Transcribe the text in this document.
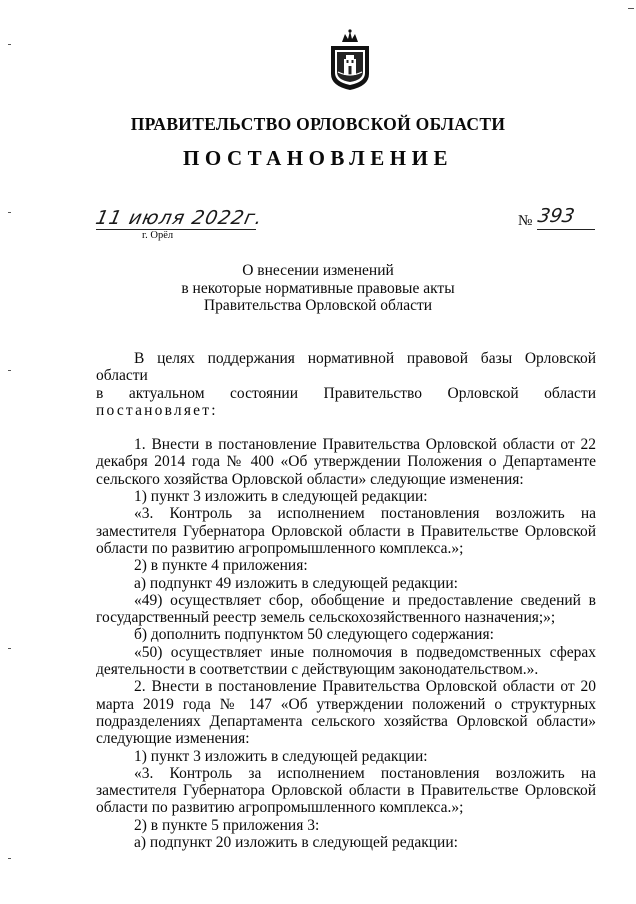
ПРАВИТЕЛЬСТВО ОРЛОВСКОЙ ОБЛАСТИ
ПОСТАНОВЛЕНИЕ
11 июля 2022г.
г. Орёл
№ 393
О внесении изменений
в некоторые нормативные правовые акты
Правительства Орловской области

В целях поддержания нормативной правовой базы Орловской области

в актуальном состоянии Правительство Орловской области

постановляет:

1. Внести в постановление Правительства Орловской области от 22 декабря 2014 года № 400 «Об утверждении Положения о Департаменте сельского хозяйства Орловской области» следующие изменения:

1) пункт 3 изложить в следующей редакции:

«3. Контроль за исполнением постановления возложить на заместителя Губернатора Орловской области в Правительстве Орловской области по развитию агропромышленного комплекса.»;

2) в пункте 4 приложения:

а) подпункт 49 изложить в следующей редакции:

«49) осуществляет сбор, обобщение и предоставление сведений в государственный реестр земель сельскохозяйственного назначения;»;

б) дополнить подпунктом 50 следующего содержания:

«50) осуществляет иные полномочия в подведомственных сферах деятельности в соответствии с действующим законодательством.».

2. Внести в постановление Правительства Орловской области от 20 марта 2019 года № 147 «Об утверждении положений о структурных подразделениях Департамента сельского хозяйства Орловской области» следующие изменения:

1) пункт 3 изложить в следующей редакции:

«3. Контроль за исполнением постановления возложить на заместителя Губернатора Орловской области в Правительстве Орловской области по развитию агропромышленного комплекса.»;

2) в пункте 5 приложения 3:

а) подпункт 20 изложить в следующей редакции:
